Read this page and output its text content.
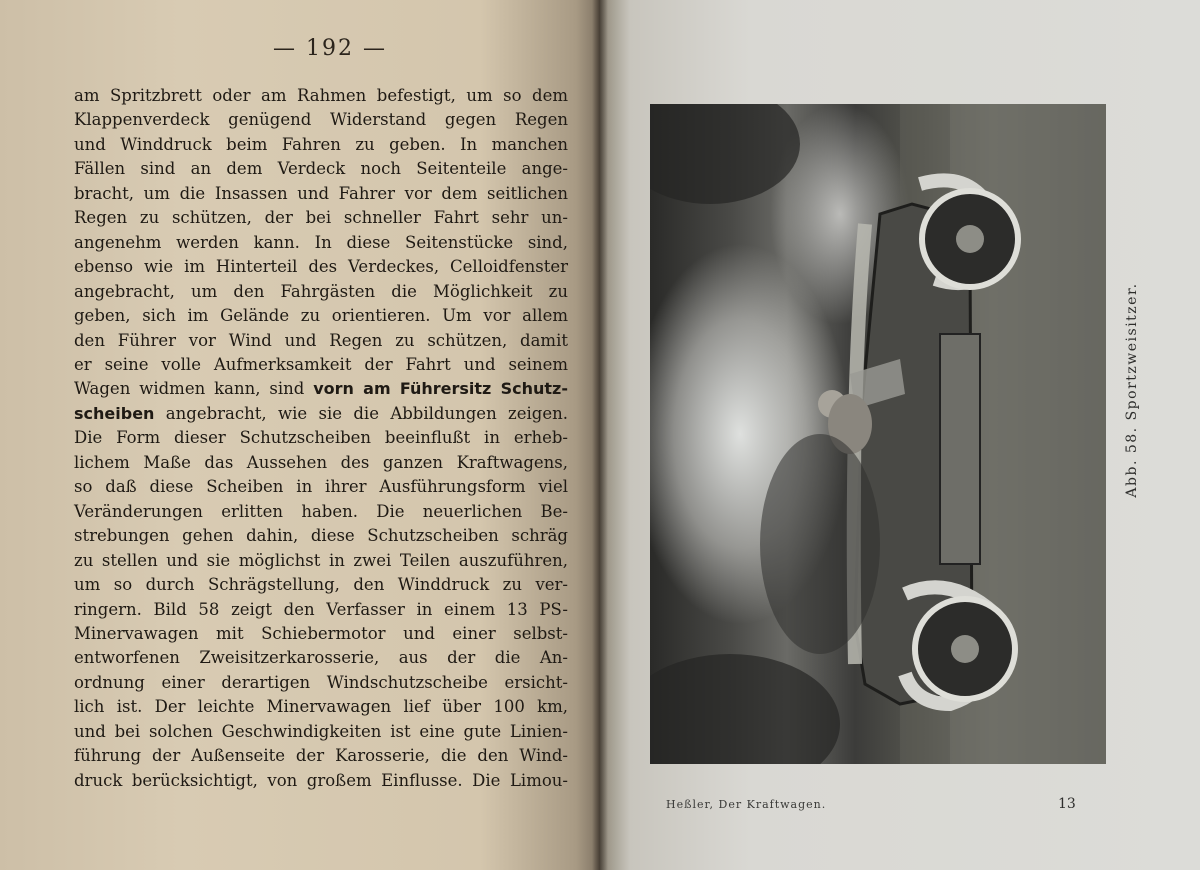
— 192 —
am Spritzbrett oder am Rahmen befestigt, um so dem
Klappenverdeck genügend Widerstand gegen Regen
und Winddruck beim Fahren zu geben. In manchen
Fällen sind an dem Verdeck noch Seitenteile ange-
bracht, um die Insassen und Fahrer vor dem seitlichen
Regen zu schützen, der bei schneller Fahrt sehr un-
angenehm werden kann. In diese Seitenstücke sind,
ebenso wie im Hinterteil des Verdeckes, Celloidfenster
angebracht, um den Fahrgästen die Möglichkeit zu
geben, sich im Gelände zu orientieren. Um vor allem
den Führer vor Wind und Regen zu schützen, damit
er seine volle Aufmerksamkeit der Fahrt und seinem
Wagen widmen kann, sind vorn am Führersitz Schutz-
scheiben angebracht, wie sie die Abbildungen zeigen.
Die Form dieser Schutzscheiben beeinflußt in erheb-
lichem Maße das Aussehen des ganzen Kraftwagens,
so daß diese Scheiben in ihrer Ausführungsform viel
Veränderungen erlitten haben. Die neuerlichen Be-
strebungen gehen dahin, diese Schutzscheiben schräg
zu stellen und sie möglichst in zwei Teilen auszuführen,
um so durch Schrägstellung, den Winddruck zu ver-
ringern. Bild 58 zeigt den Verfasser in einem 13 PS-
Minervawagen mit Schiebermotor und einer selbst-
entworfenen Zweisitzerkarosserie, aus der die An-
ordnung einer derartigen Windschutzscheibe ersicht-
lich ist. Der leichte Minervawagen lief über 100 km,
und bei solchen Geschwindigkeiten ist eine gute Linien-
führung der Außenseite der Karosserie, die den Wind-
druck berücksichtigt, von großem Einflusse. Die Limou-
Abb. 58. Sportzweisitzer.
Heßler, Der Kraftwagen.	13
